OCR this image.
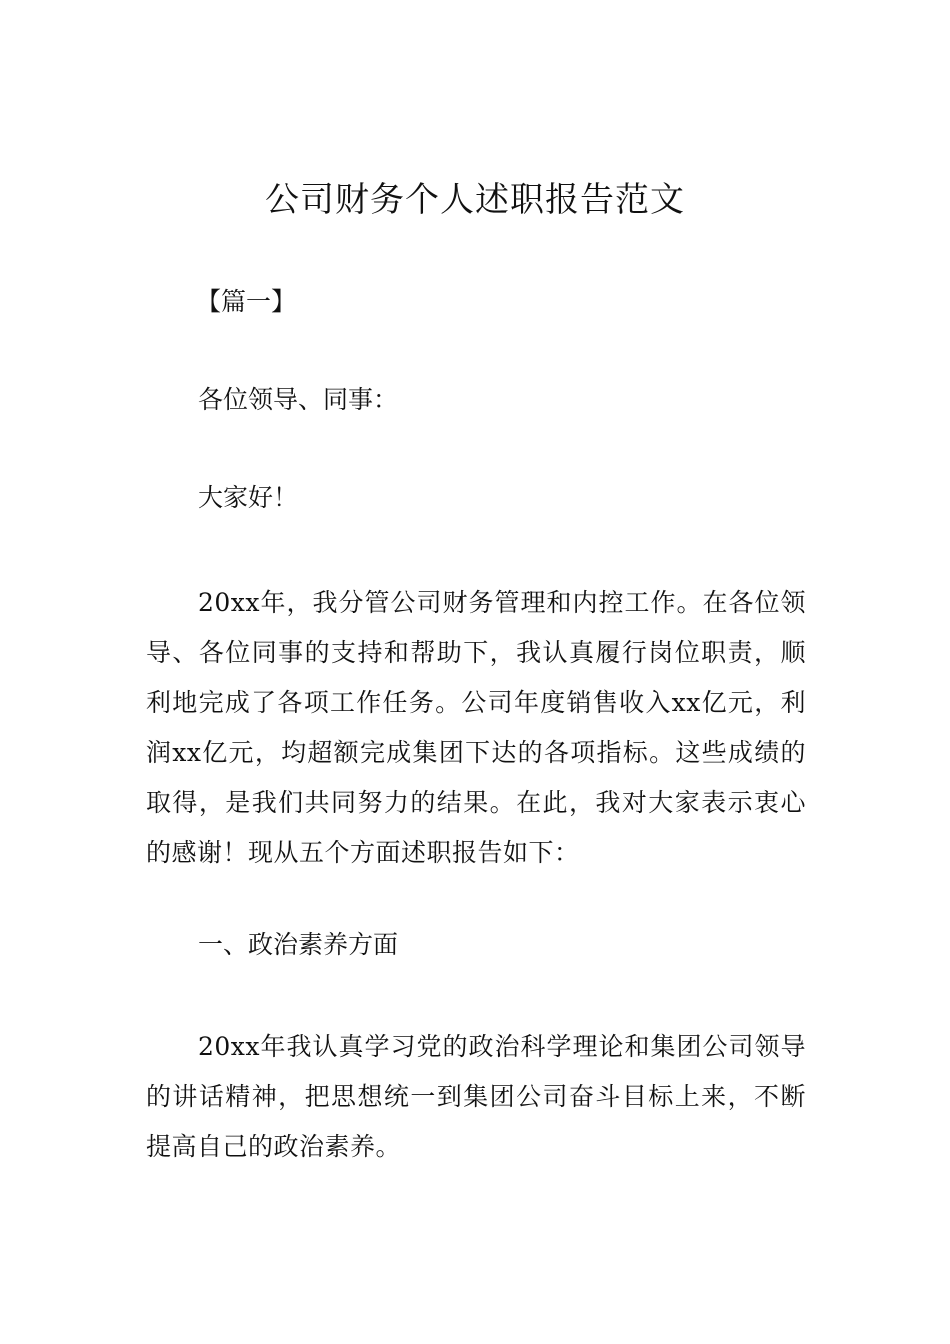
公司财务个人述职报告范文

【篇一】

各位领导、同事：

大家好！

20xx年，我分管公司财务管理和内控工作。在各位领导、各位同事的支持和帮助下，我认真履行岗位职责，顺利地完成了各项工作任务。公司年度销售收入xx亿元，利润xx亿元，均超额完成集团下达的各项指标。这些成绩的取得，是我们共同努力的结果。在此，我对大家表示衷心的感谢！现从五个方面述职报告如下：

一、政治素养方面

20xx年我认真学习党的政治科学理论和集团公司领导的讲话精神，把思想统一到集团公司奋斗目标上来，不断提高自己的政治素养。
